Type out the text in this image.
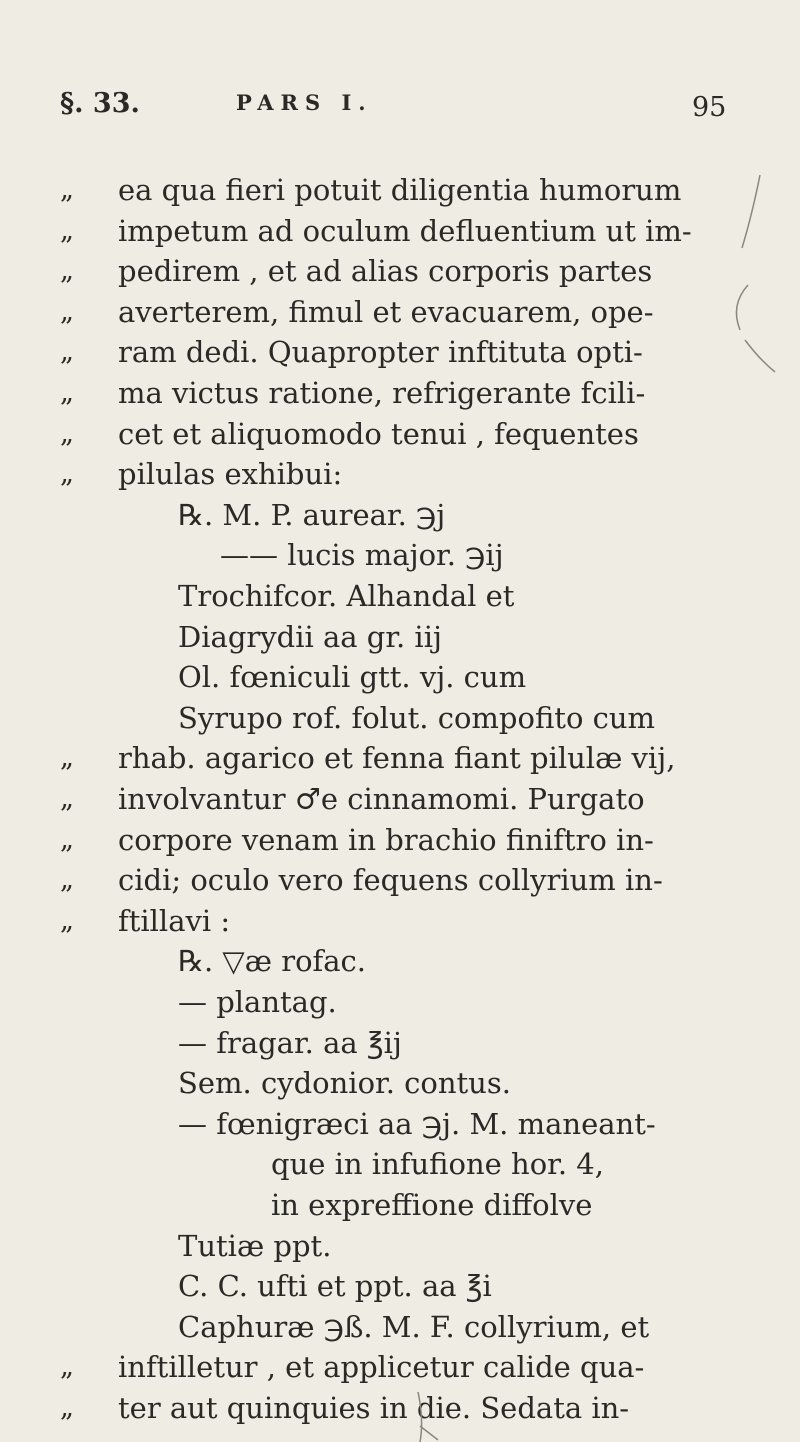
§. 33.	PARS I.	95
„ ea qua fieri potuit diligentia humorum
„ impetum ad oculum defluentium ut im-
„ pedirem , et ad alias corporis partes
„ averterem, fimul et evacuarem, ope-
„ ram dedi. Quapropter inftituta opti-
„ ma victus ratione, refrigerante fcili-
„ cet et aliquomodo tenui , fequentes
„ pilulas exhibui:
℞. M. P. aurear. ℈j
—— lucis major. ℈ij
Trochifcor. Alhandal et
Diagrydii aa gr. iij
Ol. fœniculi gtt. vj. cum
Syrupo rof. folut. compofito cum
„ rhab. agarico et fenna fiant pilulæ vij,
„ involvantur ♂e cinnamomi. Purgato
„ corpore venam in brachio finiftro in-
„ cidi; oculo vero fequens collyrium in-
„ ftillavi :
℞. ▽æ rofac.
— plantag.
— fragar. aa ℥ij
Sem. cydonior. contus.
— fœnigræci aa ℈j. M. maneant-
que in infufione hor. 4,
in expreffione diffolve
Tutiæ ppt.
C. C. ufti et ppt. aa ℥i
Caphuræ ℈ß. M. F. collyrium, et
„ inftilletur , et applicetur calide qua-
„ ter aut quinquies in die. Sedata in-
